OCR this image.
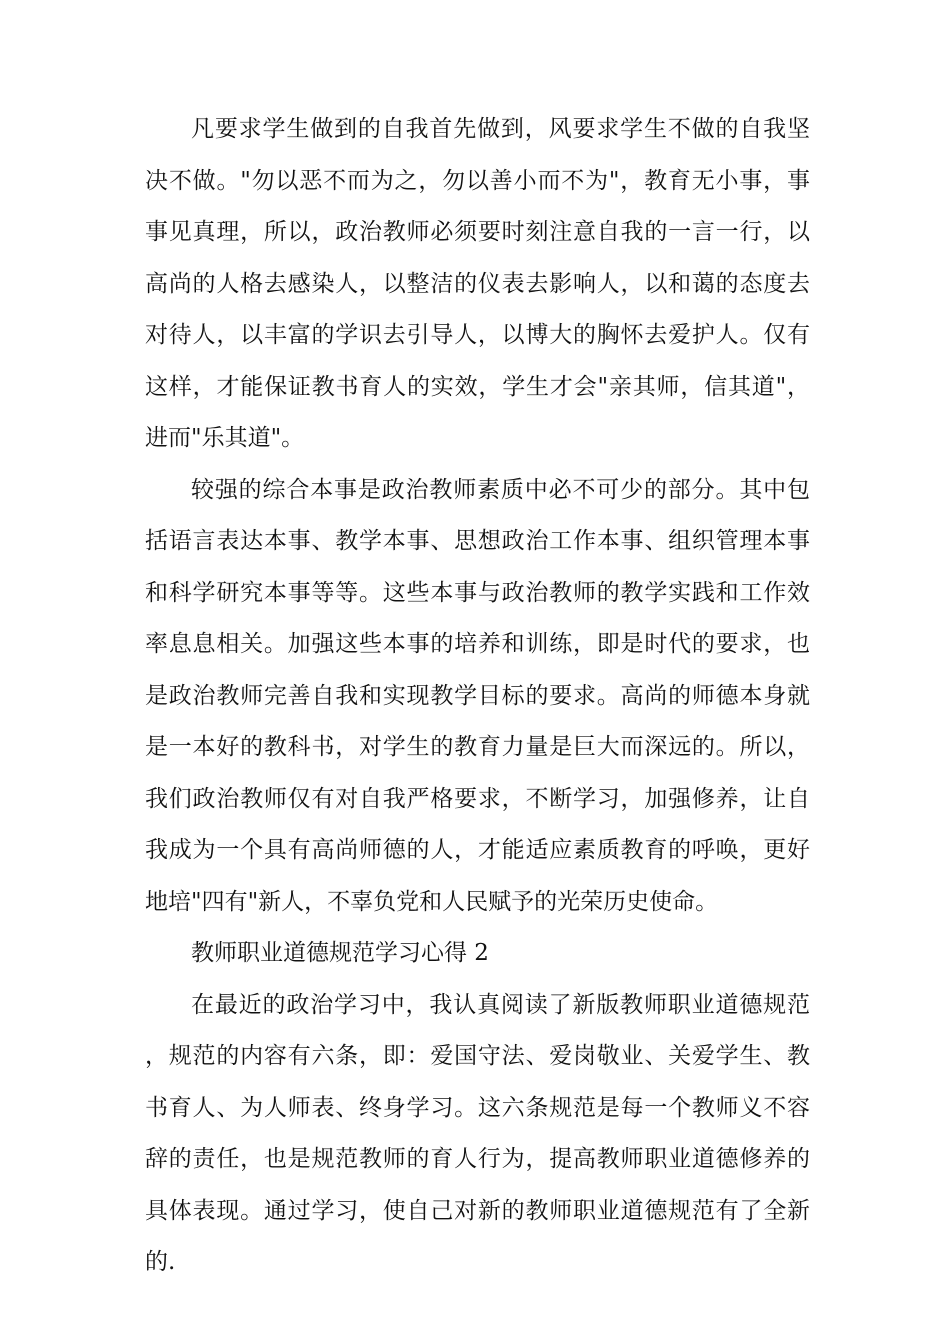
凡要求学生做到的自我首先做到，风要求学生不做的自我坚决不做。"勿以恶不而为之，勿以善小而不为"，教育无小事，事事见真理，所以，政治教师必须要时刻注意自我的一言一行，以高尚的人格去感染人，以整洁的仪表去影响人，以和蔼的态度去对待人，以丰富的学识去引导人，以博大的胸怀去爱护人。仅有这样，才能保证教书育人的实效，学生才会"亲其师，信其道"，进而"乐其道"。

较强的综合本事是政治教师素质中必不可少的部分。其中包括语言表达本事、教学本事、思想政治工作本事、组织管理本事和科学研究本事等等。这些本事与政治教师的教学实践和工作效率息息相关。加强这些本事的培养和训练，即是时代的要求，也是政治教师完善自我和实现教学目标的要求。高尚的师德本身就是一本好的教科书，对学生的教育力量是巨大而深远的。所以，我们政治教师仅有对自我严格要求，不断学习，加强修养，让自我成为一个具有高尚师德的人，才能适应素质教育的呼唤，更好地培"四有"新人，不辜负党和人民赋予的光荣历史使命。

教师职业道德规范学习心得 2

在最近的政治学习中，我认真阅读了新版教师职业道德规范，规范的内容有六条，即：爱国守法、爱岗敬业、关爱学生、教书育人、为人师表、终身学习。这六条规范是每一个教师义不容辞的责任，也是规范教师的育人行为，提高教师职业道德修养的具体表现。通过学习，使自己对新的教师职业道德规范有了全新的.
